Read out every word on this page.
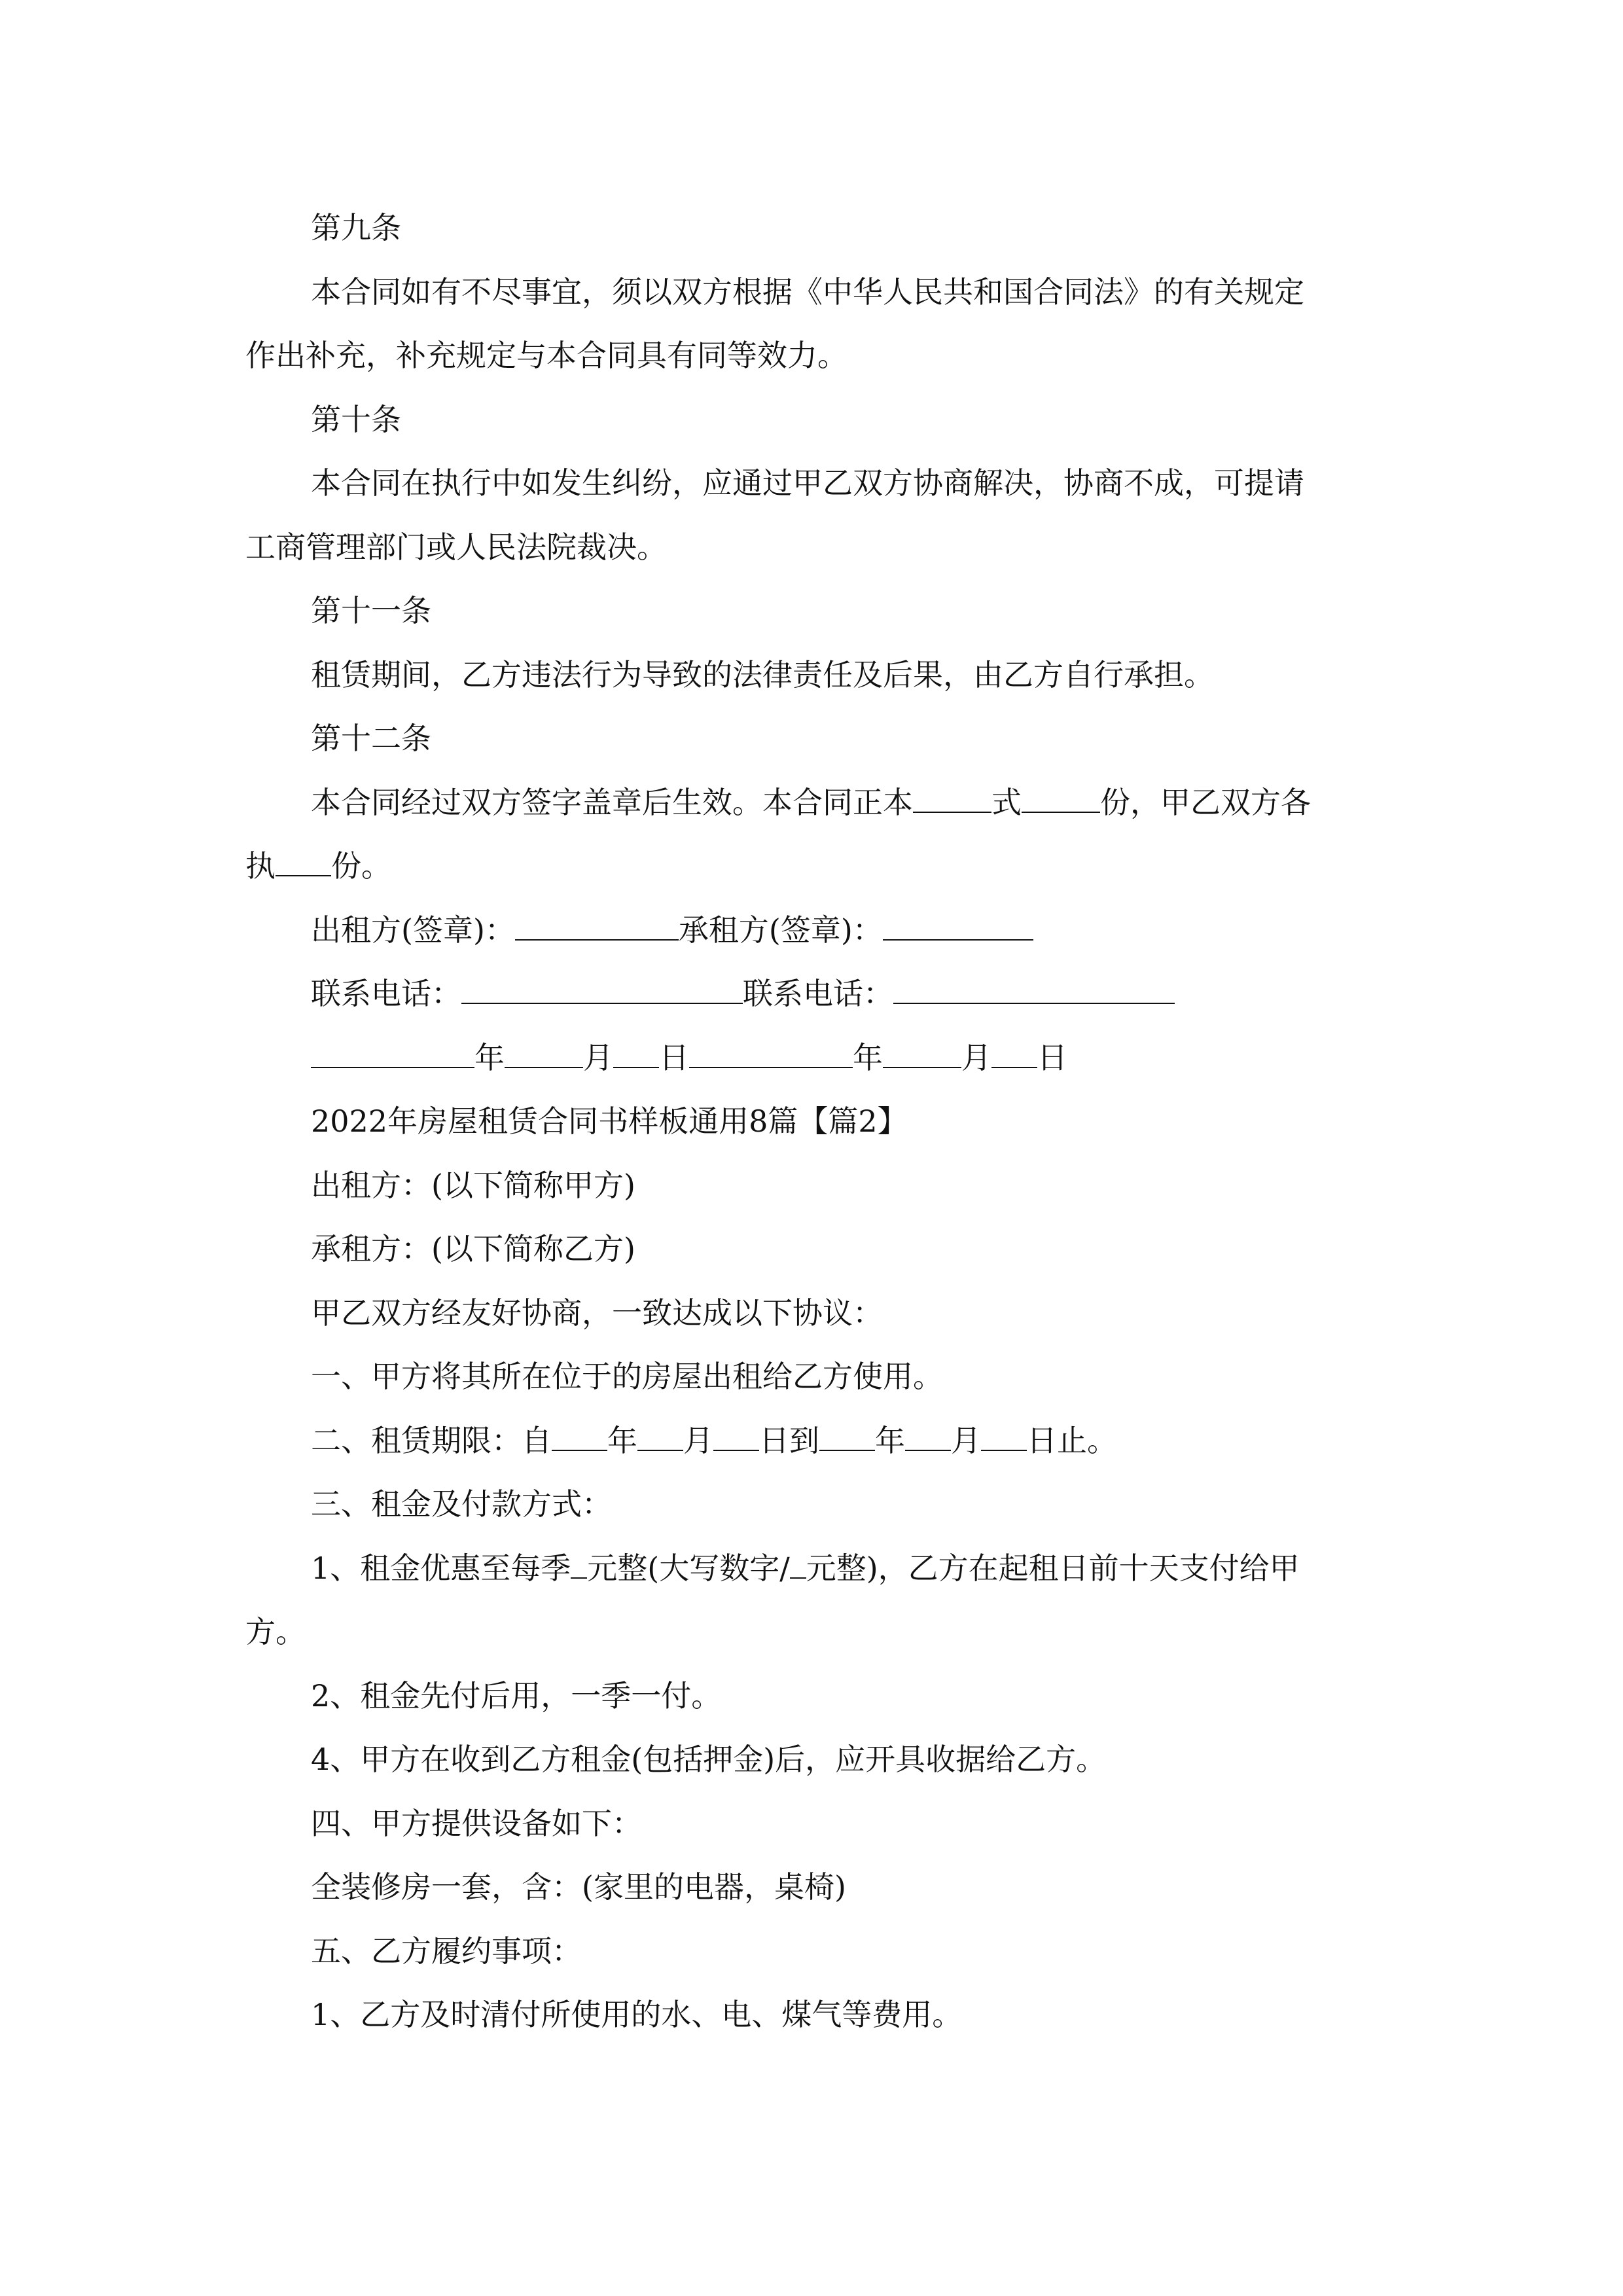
第九条
本合同如有不尽事宜，须以双方根据《中华人民共和国合同法》的有关规定
作出补充，补充规定与本合同具有同等效力。
第十条
本合同在执行中如发生纠纷，应通过甲乙双方协商解决，协商不成，可提请
工商管理部门或人民法院裁决。
第十一条
租赁期间，乙方违法行为导致的法律责任及后果，由乙方自行承担。
第十二条
本合同经过双方签字盖章后生效。本合同正本	式	份，甲乙双方各
执 份。
出租方(签章)：	承租方(签章)：
联系电话：	联系电话：
年	月 日	年	月 日
2022年房屋租赁合同书样板通用8篇【篇2】
出租方：(以下简称甲方)
承租方：(以下简称乙方)
甲乙双方经友好协商，一致达成以下协议：
一、甲方将其所在位于的房屋出租给乙方使用。
二、租赁期限：自 年 月 日到 年 月 日止。
三、租金及付款方式：
1、租金优惠至每季 元整(大写数字/ 元整)，乙方在起租日前十天支付给甲
方。
2、租金先付后用，一季一付。
4、甲方在收到乙方租金(包括押金)后，应开具收据给乙方。
四、甲方提供设备如下：
全装修房一套，含：(家里的电器，桌椅)
五、乙方履约事项：
1、乙方及时清付所使用的水、电、煤气等费用。
